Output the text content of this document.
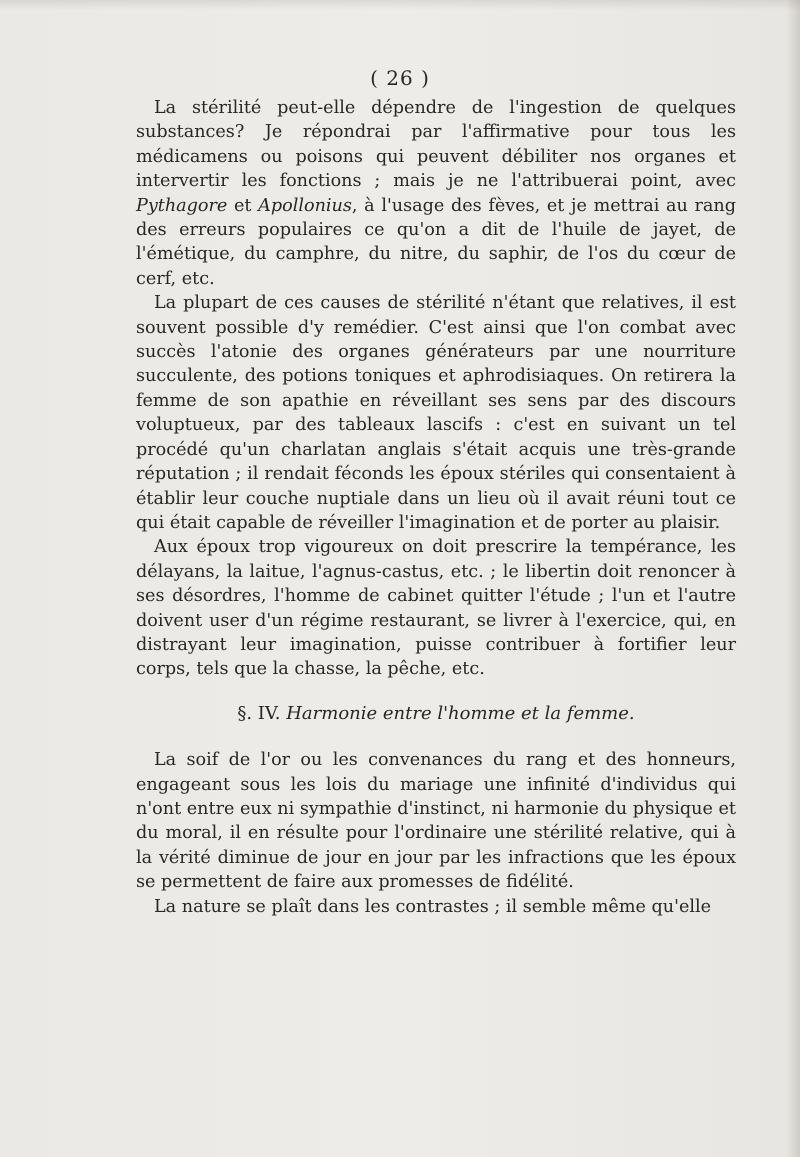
( 26 )

La stérilité peut-elle dépendre de l'ingestion de quelques substances? Je répondrai par l'affirmative pour tous les médicamens ou poisons qui peuvent débiliter nos organes et intervertir les fonctions ; mais je ne l'attribuerai point, avec Pythagore et Apollonius, à l'usage des fèves, et je mettrai au rang des erreurs populaires ce qu'on a dit de l'huile de jayet, de l'émétique, du camphre, du nitre, du saphir, de l'os du cœur de cerf, etc.

La plupart de ces causes de stérilité n'étant que relatives, il est souvent possible d'y remédier. C'est ainsi que l'on combat avec succès l'atonie des organes générateurs par une nourriture succulente, des potions toniques et aphrodisiaques. On retirera la femme de son apathie en réveillant ses sens par des discours voluptueux, par des tableaux lascifs : c'est en suivant un tel procédé qu'un charlatan anglais s'était acquis une très-grande réputation ; il rendait féconds les époux stériles qui consentaient à établir leur couche nuptiale dans un lieu où il avait réuni tout ce qui était capable de réveiller l'imagination et de porter au plaisir.

Aux époux trop vigoureux on doit prescrire la tempérance, les délayans, la laitue, l'agnus-castus, etc. ; le libertin doit renoncer à ses désordres, l'homme de cabinet quitter l'étude ; l'un et l'autre doivent user d'un régime restaurant, se livrer à l'exercice, qui, en distrayant leur imagination, puisse contribuer à fortifier leur corps, tels que la chasse, la pêche, etc.

§. IV. Harmonie entre l'homme et la femme.

La soif de l'or ou les convenances du rang et des honneurs, engageant sous les lois du mariage une infinité d'individus qui n'ont entre eux ni sympathie d'instinct, ni harmonie du physique et du moral, il en résulte pour l'ordinaire une stérilité relative, qui à la vérité diminue de jour en jour par les infractions que les époux se permettent de faire aux promesses de fidélité.

La nature se plaît dans les contrastes ; il semble même qu'elle
